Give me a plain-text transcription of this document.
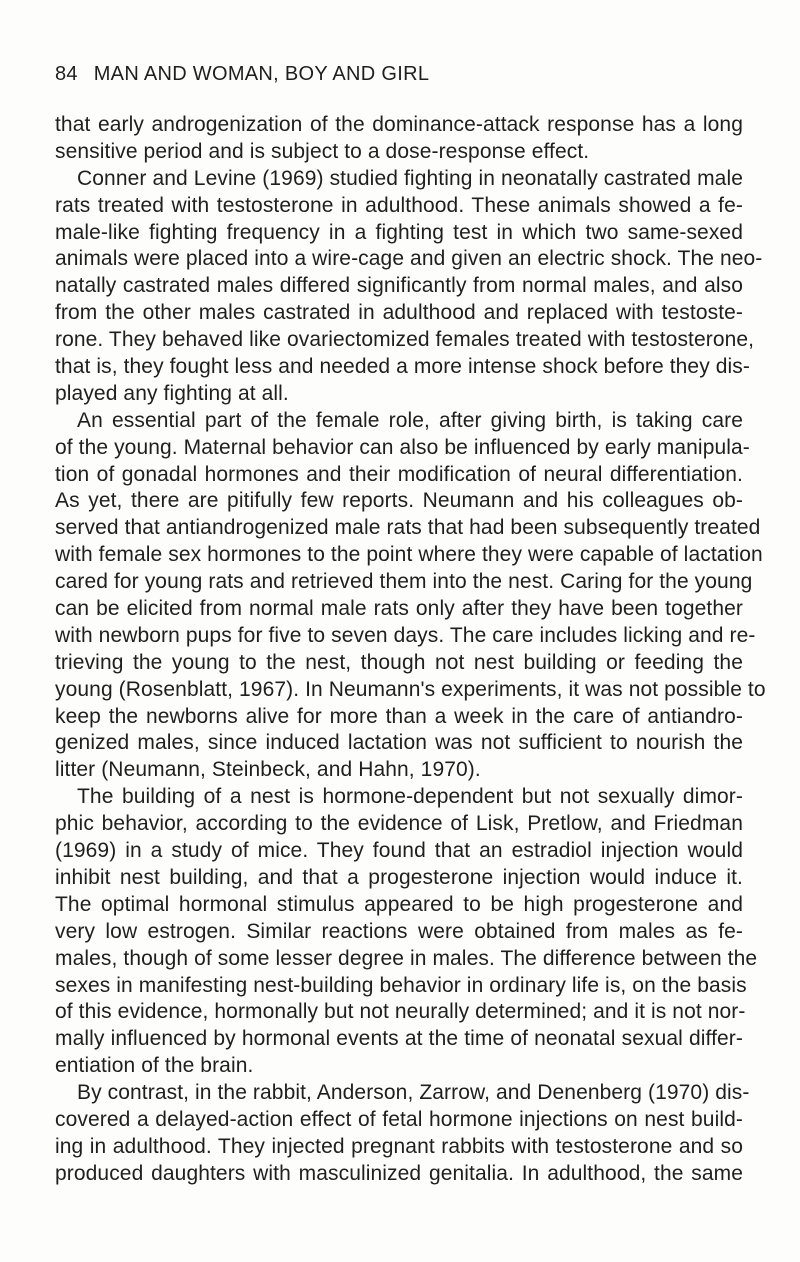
84 MAN AND WOMAN, BOY AND GIRL
that early androgenization of the dominance-attack response has a long
sensitive period and is subject to a dose-response effect.
Conner and Levine (1969) studied fighting in neonatally castrated male
rats treated with testosterone in adulthood. These animals showed a fe-
male-like fighting frequency in a fighting test in which two same-sexed
animals were placed into a wire-cage and given an electric shock. The neo-
natally castrated males differed significantly from normal males, and also
from the other males castrated in adulthood and replaced with testoste-
rone. They behaved like ovariectomized females treated with testosterone,
that is, they fought less and needed a more intense shock before they dis-
played any fighting at all.
An essential part of the female role, after giving birth, is taking care
of the young. Maternal behavior can also be influenced by early manipula-
tion of gonadal hormones and their modification of neural differentiation.
As yet, there are pitifully few reports. Neumann and his colleagues ob-
served that antiandrogenized male rats that had been subsequently treated
with female sex hormones to the point where they were capable of lactation
cared for young rats and retrieved them into the nest. Caring for the young
can be elicited from normal male rats only after they have been together
with newborn pups for five to seven days. The care includes licking and re-
trieving the young to the nest, though not nest building or feeding the
young (Rosenblatt, 1967). In Neumann's experiments, it was not possible to
keep the newborns alive for more than a week in the care of antiandro-
genized males, since induced lactation was not sufficient to nourish the
litter (Neumann, Steinbeck, and Hahn, 1970).
The building of a nest is hormone-dependent but not sexually dimor-
phic behavior, according to the evidence of Lisk, Pretlow, and Friedman
(1969) in a study of mice. They found that an estradiol injection would
inhibit nest building, and that a progesterone injection would induce it.
The optimal hormonal stimulus appeared to be high progesterone and
very low estrogen. Similar reactions were obtained from males as fe-
males, though of some lesser degree in males. The difference between the
sexes in manifesting nest-building behavior in ordinary life is, on the basis
of this evidence, hormonally but not neurally determined; and it is not nor-
mally influenced by hormonal events at the time of neonatal sexual differ-
entiation of the brain.
By contrast, in the rabbit, Anderson, Zarrow, and Denenberg (1970) dis-
covered a delayed-action effect of fetal hormone injections on nest build-
ing in adulthood. They injected pregnant rabbits with testosterone and so
produced daughters with masculinized genitalia. In adulthood, the same
